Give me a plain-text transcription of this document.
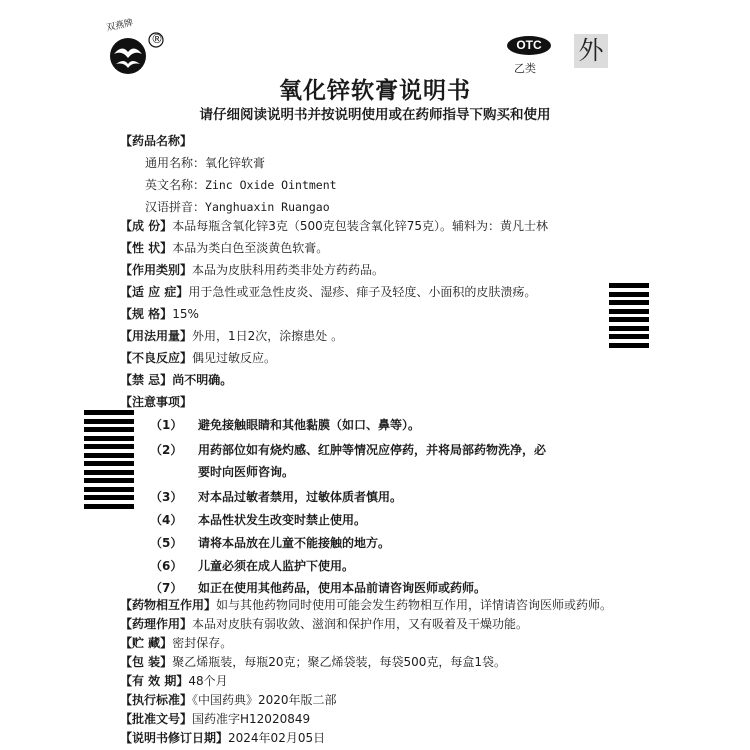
双燕牌
®	OTC
乙类
外
氧化锌软膏说明书
请仔细阅读说明书并按说明使用或在药师指导下购买和使用
【药品名称】
通用名称：氧化锌软膏
英文名称：Zinc Oxide Ointment
汉语拼音：Yanghuaxin Ruangao
【成 份】本品每瓶含氧化锌3克（500克包装含氧化锌75克）。辅料为：黄凡士林
【性 状】本品为类白色至淡黄色软膏。
【作用类别】本品为皮肤科用药类非处方药药品。
【适 应 症】用于急性或亚急性皮炎、湿疹、痱子及轻度、小面积的皮肤溃疡。
【规 格】15%
【用法用量】外用，1日2次，涂擦患处 。
【不良反应】偶见过敏反应。
【禁 忌】尚不明确。
【注意事项】
（1） 避免接触眼睛和其他黏膜（如口、鼻等）。
（2） 用药部位如有烧灼感、红肿等情况应停药，并将局部药物洗净，必
要时向医师咨询。
（3） 对本品过敏者禁用，过敏体质者慎用。
（4） 本品性状发生改变时禁止使用。
（5） 请将本品放在儿童不能接触的地方。
（6） 儿童必须在成人监护下使用。
（7） 如正在使用其他药品，使用本品前请咨询医师或药师。
【药物相互作用】如与其他药物同时使用可能会发生药物相互作用，详情请咨询医师或药师。
【药理作用】本品对皮肤有弱收敛、滋润和保护作用，又有吸着及干燥功能。
【贮 藏】密封保存。
【包 装】聚乙烯瓶装，每瓶20克；聚乙烯袋装，每袋500克，每盒1袋。
【有 效 期】48个月
【执行标准】《中国药典》2020年版二部
【批准文号】国药准字H12020849
【说明书修订日期】2024年02月05日
